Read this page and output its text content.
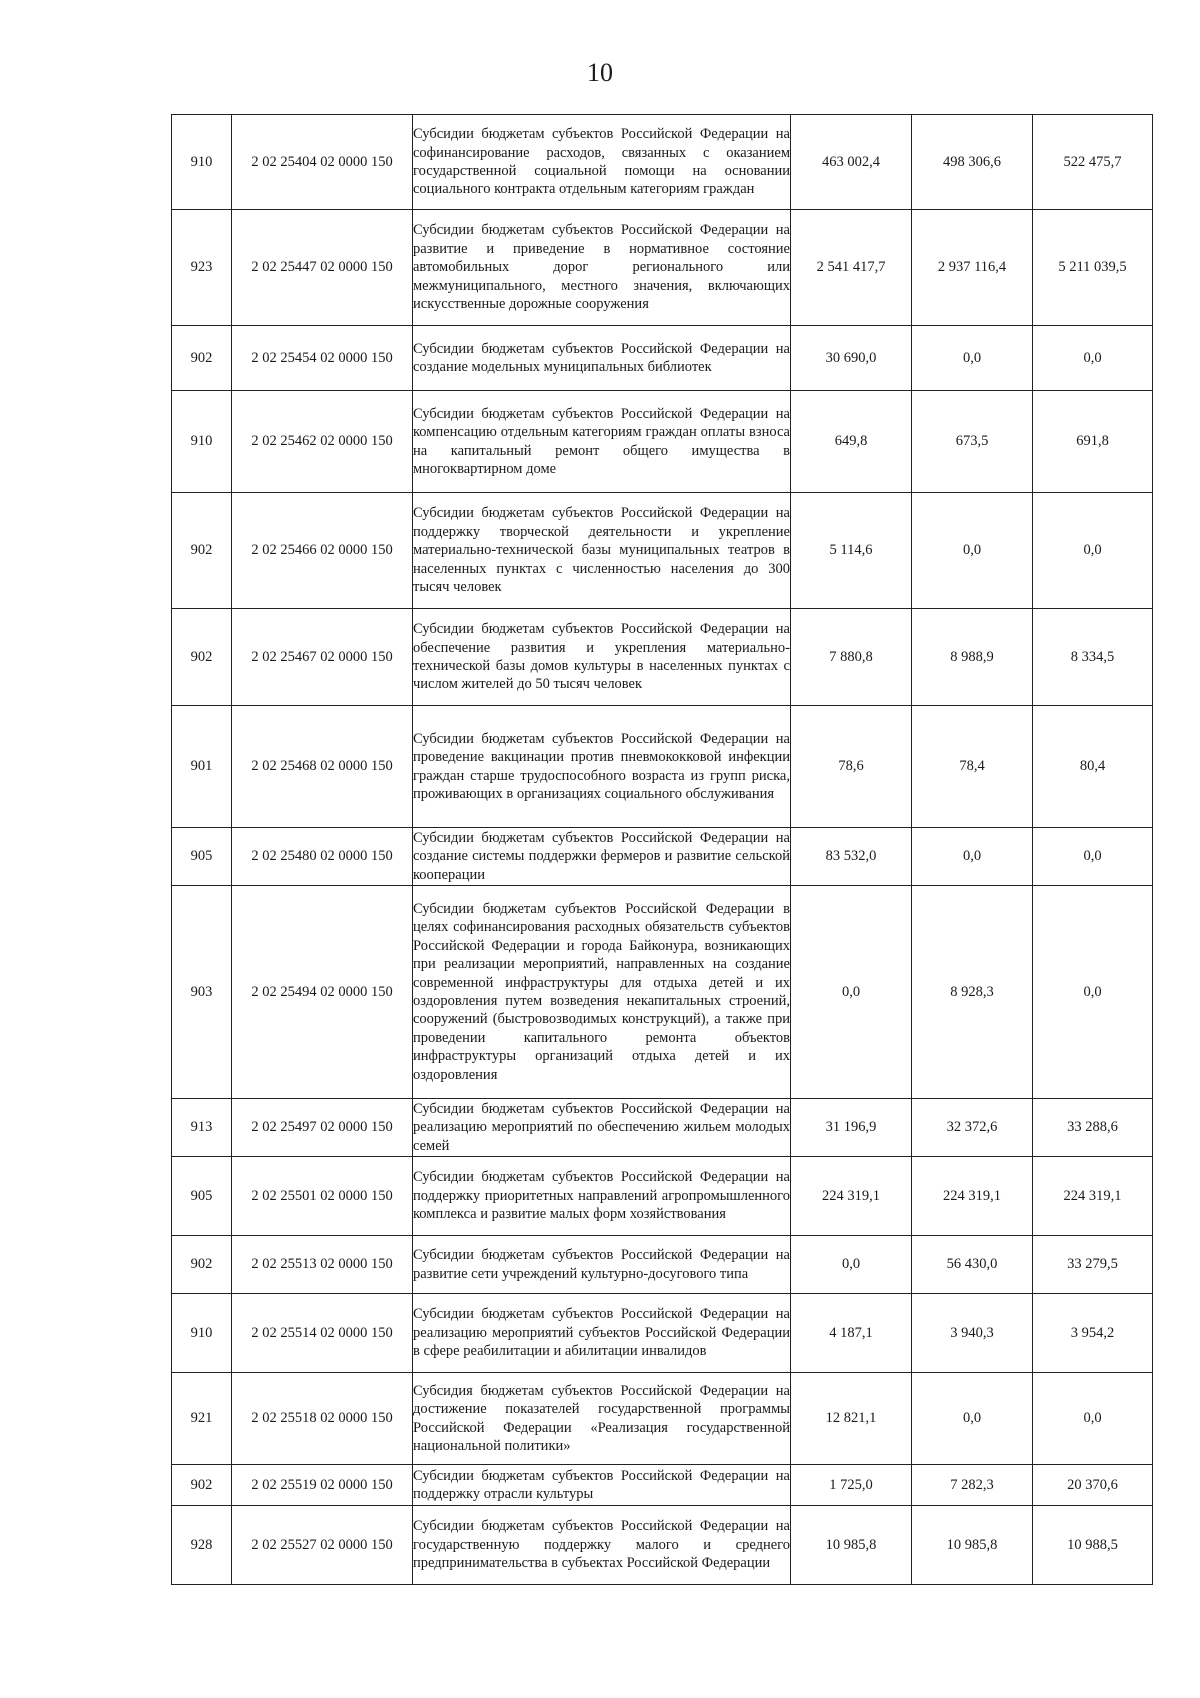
10
910	2 02 25404 02 0000 150	Субсидии бюджетам субъектов Российской Федерации на софинансирование расходов, связанных с оказанием государственной социальной помощи на основании социального контракта отдельным категориям граждан	463 002,4	498 306,6	522 475,7
923	2 02 25447 02 0000 150	Субсидии бюджетам субъектов Российской Федерации на развитие и приведение в нормативное состояние автомобильных дорог регионального или межмуниципального, местного значения, включающих искусственные дорожные сооружения	2 541 417,7	2 937 116,4	5 211 039,5
902	2 02 25454 02 0000 150	Субсидии бюджетам субъектов Российской Федерации на создание модельных муниципальных библиотек	30 690,0	0,0	0,0
910	2 02 25462 02 0000 150	Субсидии бюджетам субъектов Российской Федерации на компенсацию отдельным категориям граждан оплаты взноса на капитальный ремонт общего имущества в многоквартирном доме	649,8	673,5	691,8
902	2 02 25466 02 0000 150	Субсидии бюджетам субъектов Российской Федерации на поддержку творческой деятельности и укрепление материально-технической базы муниципальных театров в населенных пунктах с численностью населения до 300 тысяч человек	5 114,6	0,0	0,0
902	2 02 25467 02 0000 150	Субсидии бюджетам субъектов Российской Федерации на обеспечение развития и укрепления материально-технической базы домов культуры в населенных пунктах с числом жителей до 50 тысяч человек	7 880,8	8 988,9	8 334,5
901	2 02 25468 02 0000 150	Субсидии бюджетам субъектов Российской Федерации на проведение вакцинации против пневмококковой инфекции граждан старше трудоспособного возраста из групп риска, проживающих в организациях социального обслуживания	78,6	78,4	80,4
905	2 02 25480 02 0000 150	Субсидии бюджетам субъектов Российской Федерации на создание системы поддержки фермеров и развитие сельской кооперации	83 532,0	0,0	0,0
903	2 02 25494 02 0000 150	Субсидии бюджетам субъектов Российской Федерации в целях софинансирования расходных обязательств субъектов Российской Федерации и города Байконура, возникающих при реализации мероприятий, направленных на создание современной инфраструктуры для отдыха детей и их оздоровления путем возведения некапитальных строений, сооружений (быстровозводимых конструкций), а также при проведении капитального ремонта объектов инфраструктуры организаций отдыха детей и их оздоровления	0,0	8 928,3	0,0
913	2 02 25497 02 0000 150	Субсидии бюджетам субъектов Российской Федерации на реализацию мероприятий по обеспечению жильем молодых семей	31 196,9	32 372,6	33 288,6
905	2 02 25501 02 0000 150	Субсидии бюджетам субъектов Российской Федерации на поддержку приоритетных направлений агропромышленного комплекса и развитие малых форм хозяйствования	224 319,1	224 319,1	224 319,1
902	2 02 25513 02 0000 150	Субсидии бюджетам субъектов Российской Федерации на развитие сети учреждений культурно-досугового типа	0,0	56 430,0	33 279,5
910	2 02 25514 02 0000 150	Субсидии бюджетам субъектов Российской Федерации на реализацию мероприятий субъектов Российской Федерации в сфере реабилитации и абилитации инвалидов	4 187,1	3 940,3	3 954,2
921	2 02 25518 02 0000 150	Субсидия бюджетам субъектов Российской Федерации на достижение показателей государственной программы Российской Федерации «Реализация государственной национальной политики»	12 821,1	0,0	0,0
902	2 02 25519 02 0000 150	Субсидии бюджетам субъектов Российской Федерации на поддержку отрасли культуры	1 725,0	7 282,3	20 370,6
928	2 02 25527 02 0000 150	Субсидии бюджетам субъектов Российской Федерации на государственную поддержку малого и среднего предпринимательства в субъектах Российской Федерации	10 985,8	10 985,8	10 988,5
